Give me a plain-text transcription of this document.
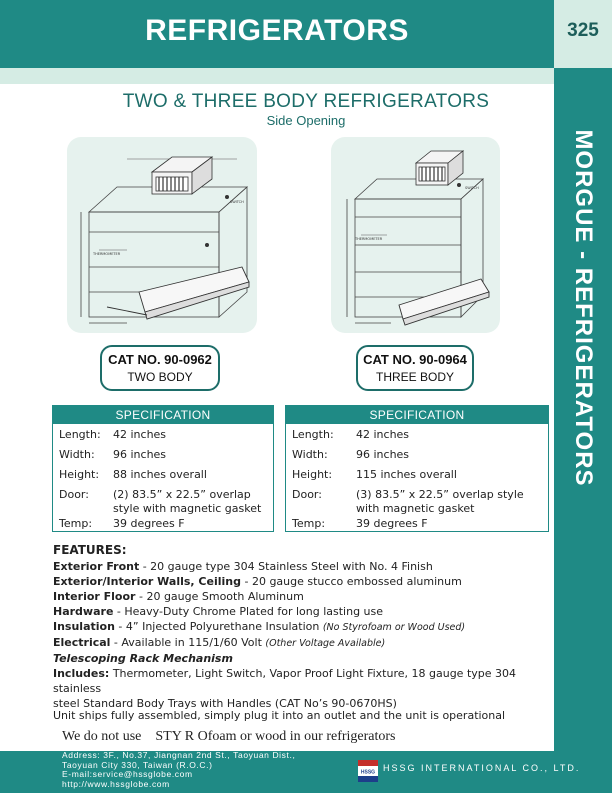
REFRIGERATORS	325
MORGUE - REFRIGERATORS
TWO & THREE BODY REFRIGERATORS
Side Opening
THERMOMETER
SWITCH
THERMOMETER
SWITCH
CAT NO. 90-0962
TWO BODY
CAT NO. 90-0964
THREE BODY
SPECIFICATION
Length: 42 inches
Width: 96 inches
Height: 88 inches overall
Door: (2) 83.5” x 22.5” overlap style with magnetic gasket
Temp: 39 degrees F
SPECIFICATION
Length: 42 inches
Width:	96 inches
Height: 115 inches overall
Door:	(3) 83.5” x 22.5” overlap style with magnetic gasket
Temp:	39 degrees F
FEATURES:
Exterior Front - 20 gauge type 304 Stainless Steel with No. 4 Finish
Exterior/Interior Walls, Ceiling - 20 gauge stucco embossed aluminum
Interior Floor - 20 gauge Smooth Aluminum
Hardware - Heavy-Duty Chrome Plated for long lasting use
Insulation - 4” Injected Polyurethane Insulation (No Styrofoam or Wood Used)
Electrical - Available in 115/1/60 Volt (Other Voltage Available)
Telescoping Rack Mechanism
Includes: Thermometer, Light Switch, Vapor Proof Light Fixture, 18 gauge type 304 stainless
steel Standard Body Trays with Handles (CAT No’s 90-0670HS)
Unit ships fully assembled, simply plug it into an outlet and the unit is operational
We do not use    STY R Ofoam or wood in our refrigerators
Address: 3F., No.37, Jiangnan 2nd St., Taoyuan Dist.,
Taoyuan City 330, Taiwan (R.O.C.)
E-mail:service@hssglobe.com
http://www.hssglobe.com
HSSG HSSG INTERNATIONAL CO., LTD.
